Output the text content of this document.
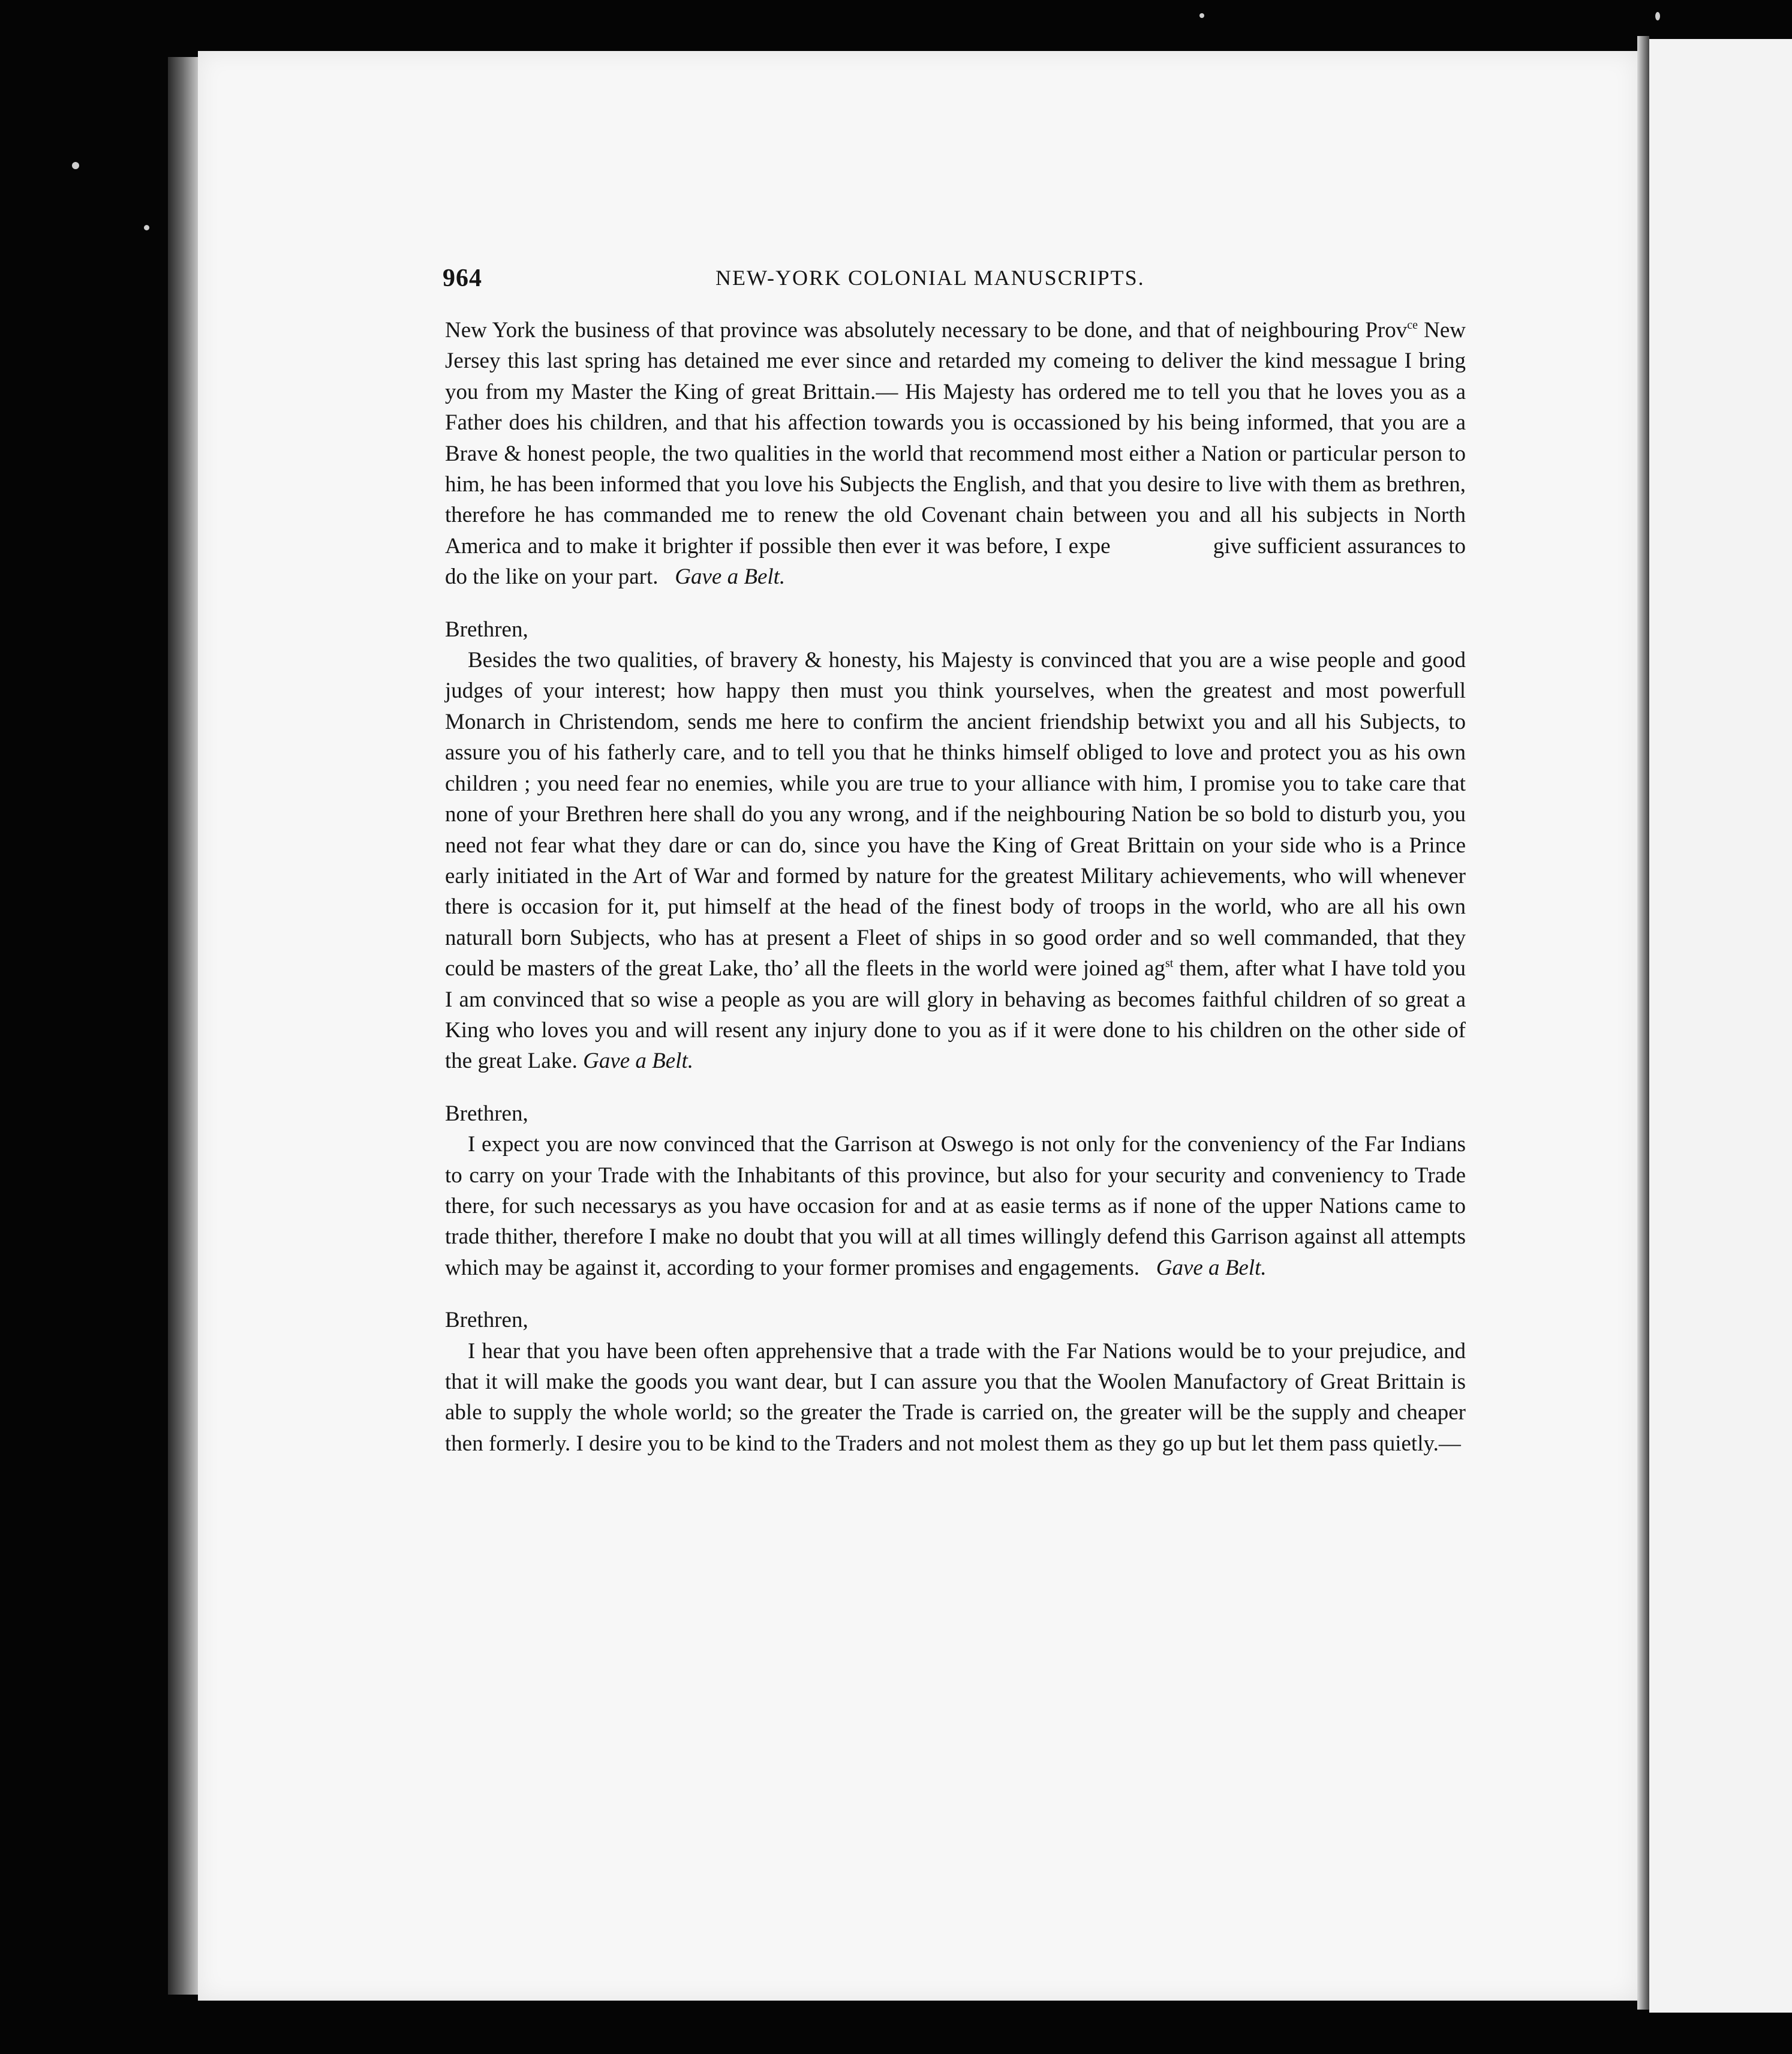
964	NEW-YORK COLONIAL MANUSCRIPTS.

New York the business of that province was absolutely necessary to be done, and that of neighbouring Prov$^{ce}$ New Jersey this last spring has detained me ever since and retarded my comeing to deliver the kind messague I bring you from my Master the King of great Brittain.— His Majesty has ordered me to tell you that he loves you as a Father does his children, and that his affection towards you is occassioned by his being informed, that you are a Brave & honest people, the two qualities in the world that recommend most either a Nation or particular person to him, he has been informed that you love his Subjects the English, and that you desire to live with them as brethren, therefore he has commanded me to renew the old Covenant chain between you and all his subjects in North America and to make it brighter if possible then ever it was before, I expect you will give sufficient assurances to do the like on your part. Gave a Belt.

Brethren,

Besides the two qualities, of bravery & honesty, his Majesty is convinced that you are a wise people and good judges of your interest; how happy then must you think yourselves, when the greatest and most powerfull Monarch in Christendom, sends me here to confirm the ancient friendship betwixt you and all his Subjects, to assure you of his fatherly care, and to tell you that he thinks himself obliged to love and protect you as his own children ; you need fear no enemies, while you are true to your alliance with him, I promise you to take care that none of your Brethren here shall do you any wrong, and if the neighbouring Nation be so bold to disturb you, you need not fear what they dare or can do, since you have the King of Great Brittain on your side who is a Prince early initiated in the Art of War and formed by nature for the greatest Military achievements, who will whenever there is occasion for it, put himself at the head of the finest body of troops in the world, who are all his own naturall born Subjects, who has at present a Fleet of ships in so good order and so well commanded, that they could be masters of the great Lake, tho’ all the fleets in the world were joined $ag^{st}$ them, after what I have told you I am convinced that so wise a people as you are will glory in behaving as becomes faithful children of so great a King who loves you and will resent any injury done to you as if it were done to his children on the other side of the great Lake. Gave a Belt.

Brethren,

I expect you are now convinced that the Garrison at Oswego is not only for the conveniency of the Far Indians to carry on your Trade with the Inhabitants of this province, but also for your security and conveniency to Trade there, for such necessarys as you have occasion for and at as easie terms as if none of the upper Nations came to trade thither, therefore I make no doubt that you will at all times willingly defend this Garrison against all attempts which may be against it, according to your former promises and engagements. Gave a Belt.

Brethren,

I hear that you have been often apprehensive that a trade with the Far Nations would be to your prejudice, and that it will make the goods you want dear, but I can assure you that the Woolen Manufactory of Great Brittain is able to supply the whole world; so the greater the Trade is carried on, the greater will be the supply and cheaper then formerly. I desire you to be kind to the Traders and not molest them as they go up but let them pass quietly.—
